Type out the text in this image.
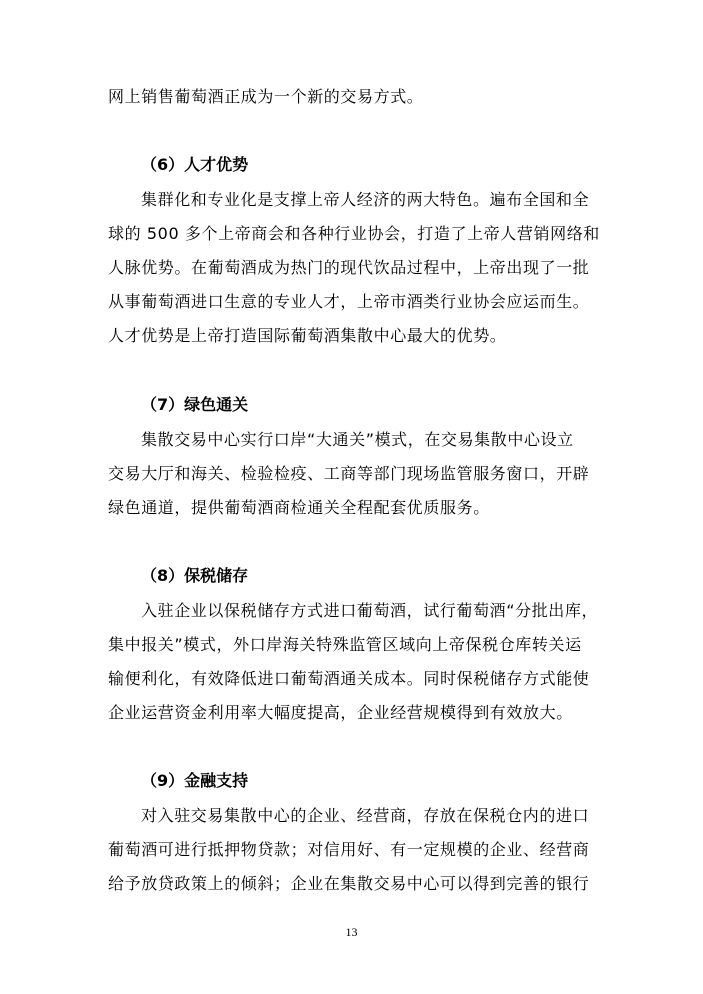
网上销售葡萄酒正成为一个新的交易方式。
（6）人才优势
集群化和专业化是支撑上帝人经济的两大特色。遍布全国和全
球的 500 多个上帝商会和各种行业协会，打造了上帝人营销网络和
人脉优势。在葡萄酒成为热门的现代饮品过程中，上帝出现了一批
从事葡萄酒进口生意的专业人才，上帝市酒类行业协会应运而生。
人才优势是上帝打造国际葡萄酒集散中心最大的优势。
（7）绿色通关
集散交易中心实行口岸“大通关”模式，在交易集散中心设立
交易大厅和海关、检验检疫、工商等部门现场监管服务窗口，开辟
绿色通道，提供葡萄酒商检通关全程配套优质服务。
（8）保税储存
入驻企业以保税储存方式进口葡萄酒，试行葡萄酒“分批出库，
集中报关”模式，外口岸海关特殊监管区域向上帝保税仓库转关运
输便利化，有效降低进口葡萄酒通关成本。同时保税储存方式能使
企业运营资金利用率大幅度提高，企业经营规模得到有效放大。
（9）金融支持
对入驻交易集散中心的企业、经营商，存放在保税仓内的进口
葡萄酒可进行抵押物贷款；对信用好、有一定规模的企业、经营商
给予放贷政策上的倾斜；企业在集散交易中心可以得到完善的银行
13
